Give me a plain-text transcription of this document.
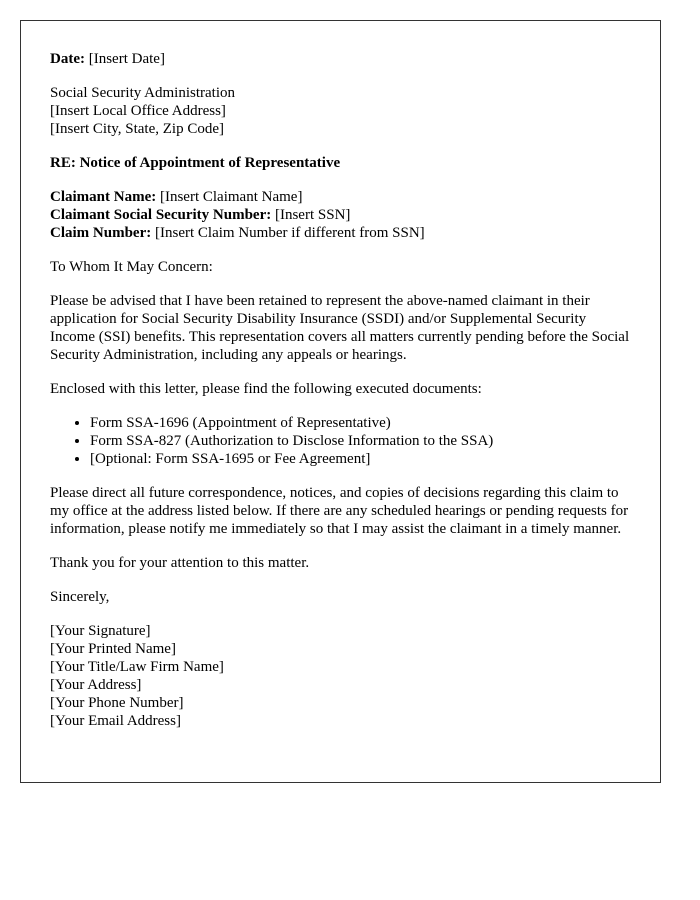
Date: [Insert Date]
Social Security Administration
[Insert Local Office Address]
[Insert City, State, Zip Code]
RE: Notice of Appointment of Representative
Claimant Name: [Insert Claimant Name]
Claimant Social Security Number: [Insert SSN]
Claim Number: [Insert Claim Number if different from SSN]

To Whom It May Concern:

Please be advised that I have been retained to represent the above-named claimant in their application for Social Security Disability Insurance (SSDI) and/or Supplemental Security Income (SSI) benefits. This representation covers all matters currently pending before the Social Security Administration, including any appeals or hearings.

Enclosed with this letter, please find the following executed documents:

• Form SSA-1696 (Appointment of Representative)
• Form SSA-827 (Authorization to Disclose Information to the SSA)
• [Optional: Form SSA-1695 or Fee Agreement]

Please direct all future correspondence, notices, and copies of decisions regarding this claim to my office at the address listed below. If there are any scheduled hearings or pending requests for information, please notify me immediately so that I may assist the claimant in a timely manner.

Thank you for your attention to this matter.

Sincerely,

[Your Signature]
[Your Printed Name]
[Your Title/Law Firm Name]
[Your Address]
[Your Phone Number]
[Your Email Address]
